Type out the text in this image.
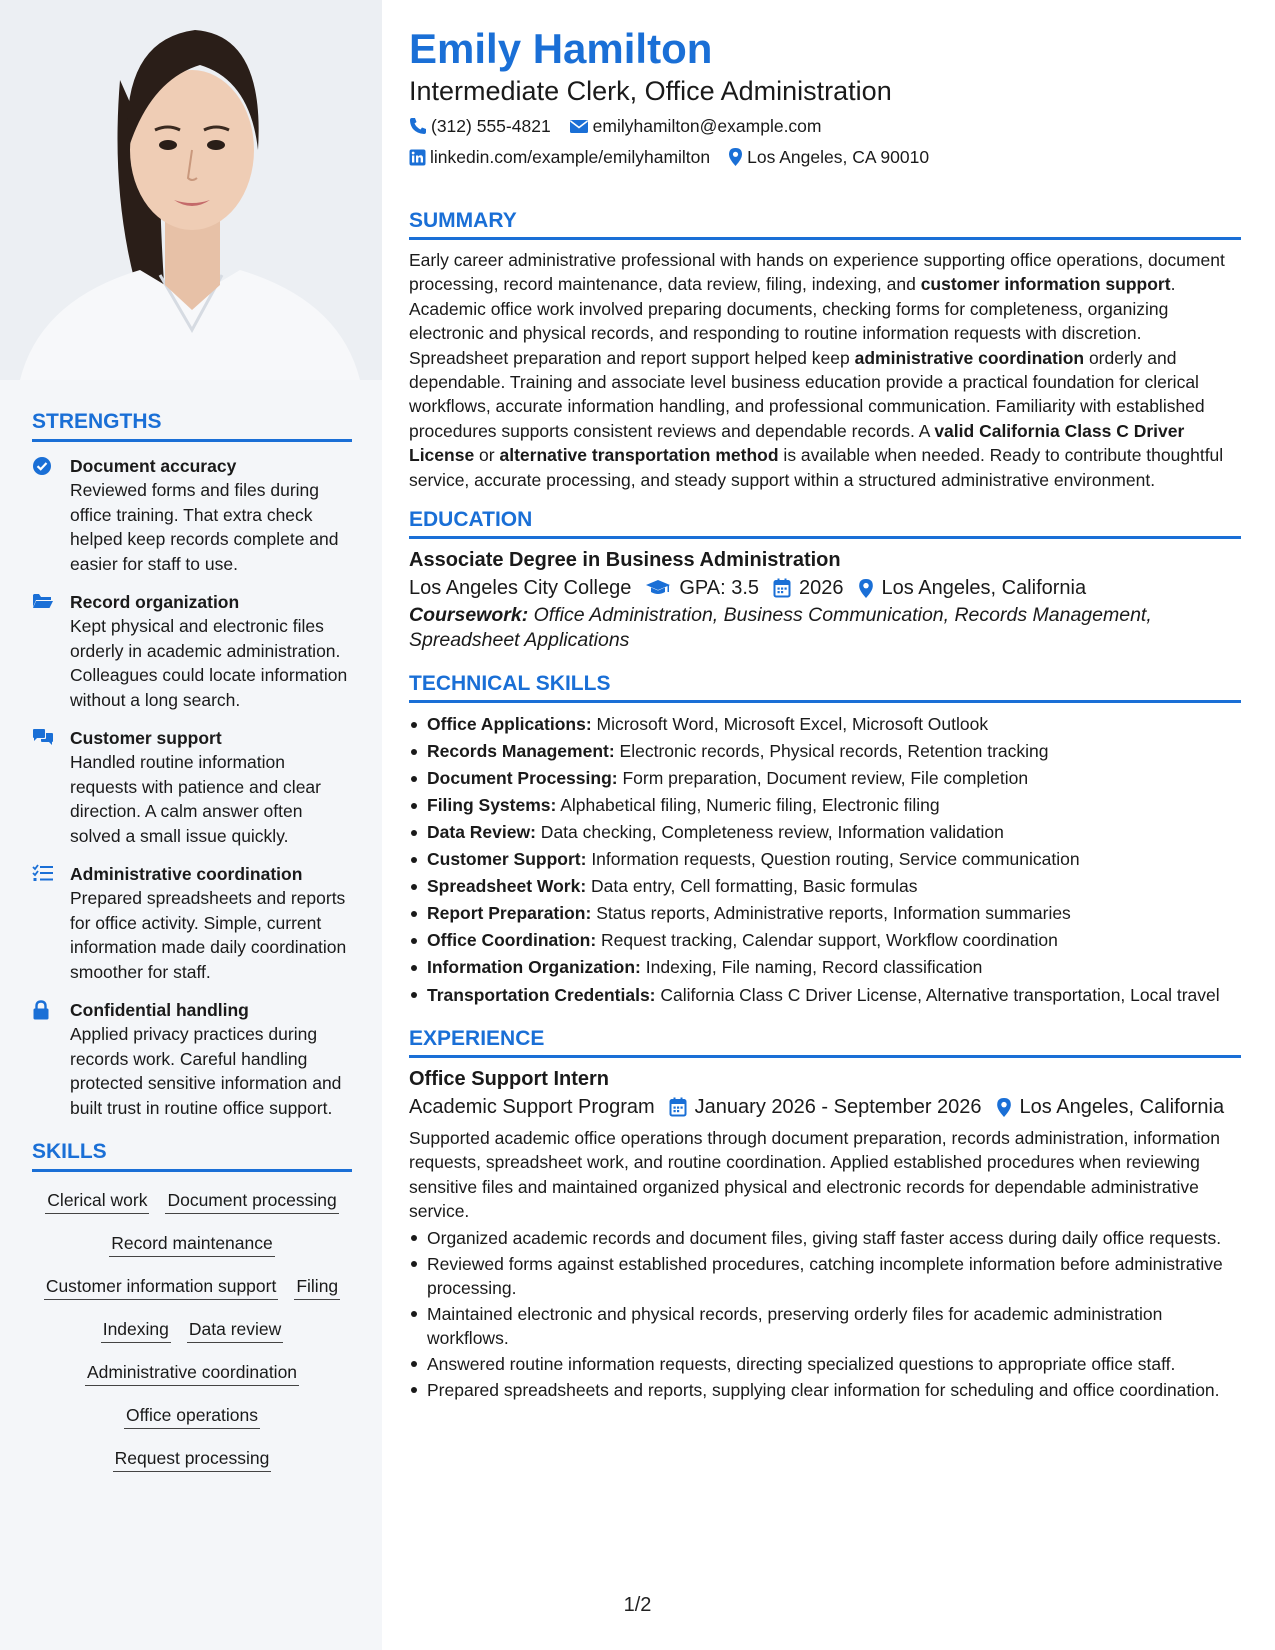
STRENGTHS
Document accuracy
Reviewed forms and files during office training. That extra check helped keep records complete and easier for staff to use.
Record organization
Kept physical and electronic files orderly in academic administration. Colleagues could locate information without a long search.
Customer support
Handled routine information requests with patience and clear direction. A calm answer often solved a small issue quickly.
Administrative coordination
Prepared spreadsheets and reports for office activity. Simple, current information made daily coordination smoother for staff.
Confidential handling
Applied privacy practices during records work. Careful handling protected sensitive information and built trust in routine office support.
SKILLS
Clerical work Document processing
Record maintenance
Customer information support Filing
Indexing Data review
Administrative coordination
Office operations
Request processing
Emily Hamilton
Intermediate Clerk, Office Administration
(312) 555-4821 emilyhamilton@example.com
linkedin.com/example/emilyhamilton Los Angeles, CA 90010
SUMMARY
Early career administrative professional with hands on experience supporting office operations, document processing, record maintenance, data review, filing, indexing, and customer information support. Academic office work involved preparing documents, checking forms for completeness, organizing electronic and physical records, and responding to routine information requests with discretion. Spreadsheet preparation and report support helped keep administrative coordination orderly and dependable. Training and associate level business education provide a practical foundation for clerical workflows, accurate information handling, and professional communication. Familiarity with established procedures supports consistent reviews and dependable records. A valid California Class C Driver License or alternative transportation method is available when needed. Ready to contribute thoughtful service, accurate processing, and steady support within a structured administrative environment.
EDUCATION
Associate Degree in Business Administration
Los Angeles City College GPA: 3.5 2026 Los Angeles, California
Coursework: Office Administration, Business Communication, Records Management, Spreadsheet Applications
TECHNICAL SKILLS
Office Applications: Microsoft Word, Microsoft Excel, Microsoft Outlook
Records Management: Electronic records, Physical records, Retention tracking
Document Processing: Form preparation, Document review, File completion
Filing Systems: Alphabetical filing, Numeric filing, Electronic filing
Data Review: Data checking, Completeness review, Information validation
Customer Support: Information requests, Question routing, Service communication
Spreadsheet Work: Data entry, Cell formatting, Basic formulas
Report Preparation: Status reports, Administrative reports, Information summaries
Office Coordination: Request tracking, Calendar support, Workflow coordination
Information Organization: Indexing, File naming, Record classification
Transportation Credentials: California Class C Driver License, Alternative transportation, Local travel
EXPERIENCE
Office Support Intern
Academic Support Program January 2026 - September 2026 Los Angeles, California
Supported academic office operations through document preparation, records administration, information requests, spreadsheet work, and routine coordination. Applied established procedures when reviewing sensitive files and maintained organized physical and electronic records for dependable administrative service.
Organized academic records and document files, giving staff faster access during daily office requests.
Reviewed forms against established procedures, catching incomplete information before administrative processing.
Maintained electronic and physical records, preserving orderly files for academic administration workflows.
Answered routine information requests, directing specialized questions to appropriate office staff.
Prepared spreadsheets and reports, supplying clear information for scheduling and office coordination.
1/2
